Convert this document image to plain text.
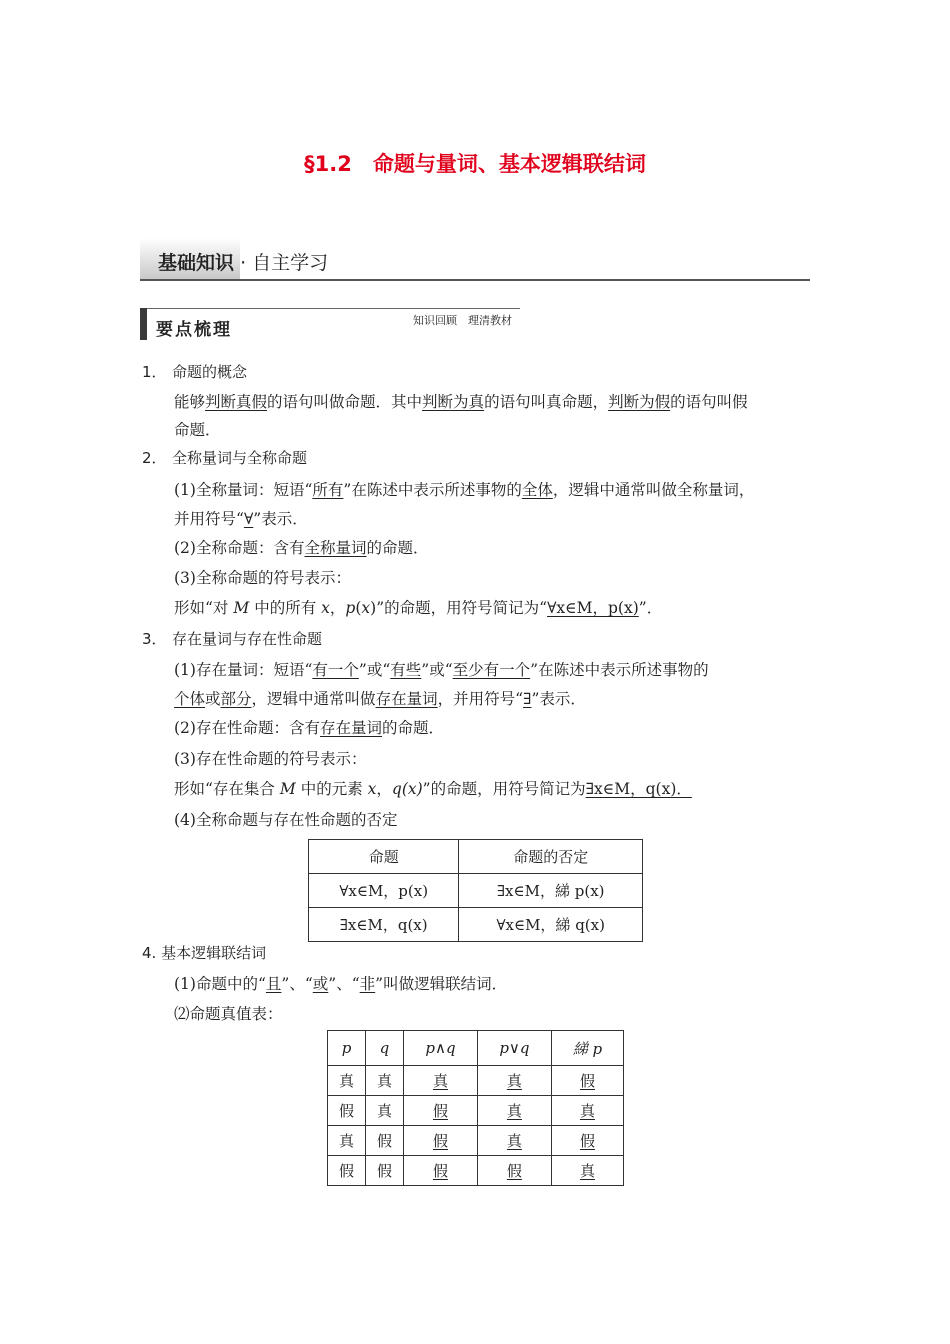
§1.2　命题与量词、基本逻辑联结词
基础知识 · 自主学习
要点梳理	知识回顾　理清教材
1． 命题的概念
能够判断真假的语句叫做命题．其中判断为真的语句叫真命题，判断为假的语句叫假
命题．
2． 全称量词与全称命题
(1)全称量词：短语“所有”在陈述中表示所述事物的全体，逻辑中通常叫做全称量词，
并用符号“∀”表示．
(2)全称命题：含有全称量词的命题．
(3)全称命题的符号表示：
形如“对 M 中的所有 x，p(x)”的命题，用符号简记为“∀x∈M，p(x)”．
3． 存在量词与存在性命题
(1)存在量词：短语“有一个”或“有些”或“至少有一个”在陈述中表示所述事物的
个体或部分，逻辑中通常叫做存在量词，并用符号“∃”表示．
(2)存在性命题：含有存在量词的命题．
(3)存在性命题的符号表示：
形如“存在集合 M 中的元素 x，q(x)”的命题，用符号简记为∃x∈M，q(x)．
(4)全称命题与存在性命题的否定
命题	命题的否定
∀x∈M，p(x)	∃x∈M，綈 p(x)
∃x∈M，q(x)	∀x∈M，綈 q(x)
4. 基本逻辑联结词
(1)命题中的“且”、“或”、“非”叫做逻辑联结词．
⑵命题真值表：
p	q	p∧q	p∨q	綈 p
真	真	真	真	假
假	真	假	真	真
真	假	假	真	假
假	假	假	假	真
